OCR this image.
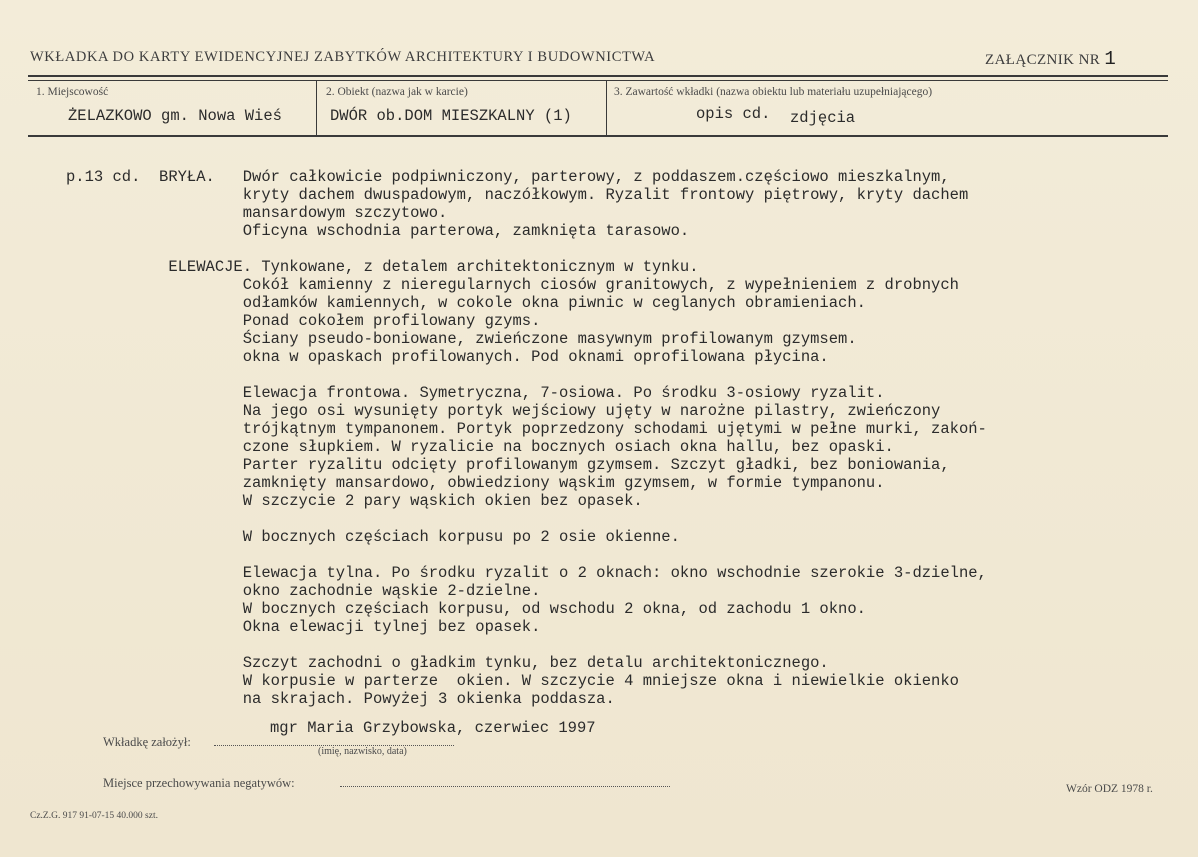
WKŁADKA DO KARTY EWIDENCYJNEJ ZABYTKÓW ARCHITEKTURY I BUDOWNICTWA	ZAŁĄCZNIK NR 1
1. Miejscowość
ŻELAZKOWO gm. Nowa Wieś
2. Obiekt (nazwa jak w karcie)
DWÓR ob.DOM MIESZKALNY (1)
3. Zawartość wkładki (nazwa obiektu lub materiału uzupełniającego)
opis cd. zdjęcia
p.13 cd.  BRYŁA.   Dwór całkowicie podpiwniczony, parterowy, z poddaszem.częściowo mieszkalnym,
kryty dachem dwuspadowym, naczółkowym. Ryzalit frontowy piętrowy, kryty dachem
mansardowym szczytowo.
Oficyna wschodnia parterowa, zamknięta tarasowo.
ELEWACJE. Tynkowane, z detalem architektonicznym w tynku.
Cokół kamienny z nieregularnych ciosów granitowych, z wypełnieniem z drobnych
odłamków kamiennych, w cokole okna piwnic w ceglanych obramieniach.
Ponad cokołem profilowany gzyms.
Ściany pseudo-boniowane, zwieńczone masywnym profilowanym gzymsem.
okna w opaskach profilowanych. Pod oknami oprofilowana płycina.
Elewacja frontowa. Symetryczna, 7-osiowa. Po środku 3-osiowy ryzalit.
Na jego osi wysunięty portyk wejściowy ujęty w narożne pilastry, zwieńczony
trójkątnym tympanonem. Portyk poprzedzony schodami ujętymi w pełne murki, zakoń-
czone słupkiem. W ryzalicie na bocznych osiach okna hallu, bez opaski.
Parter ryzalitu odcięty profilowanym gzymsem. Szczyt gładki, bez boniowania,
zamknięty mansardowo, obwiedziony wąskim gzymsem, w formie tympanonu.
W szczycie 2 pary wąskich okien bez opasek.
W bocznych częściach korpusu po 2 osie okienne.
Elewacja tylna. Po środku ryzalit o 2 oknach: okno wschodnie szerokie 3-dzielne,
okno zachodnie wąskie 2-dzielne.
W bocznych częściach korpusu, od wschodu 2 okna, od zachodu 1 okno.
Okna elewacji tylnej bez opasek.
Szczyt zachodni o gładkim tynku, bez detalu architektonicznego.
W korpusie w parterze  okien. W szczycie 4 mniejsze okna i niewielkie okienko
na skrajach. Powyżej 3 okienka poddasza.
Wkładkę założył:
mgr Maria Grzybowska, czerwiec 1997
(imię, nazwisko, data)
Miejsce przechowywania negatywów:	Wzór ODZ 1978 r.
Cz.Z.G. 917 91-07-15 40.000 szt.
